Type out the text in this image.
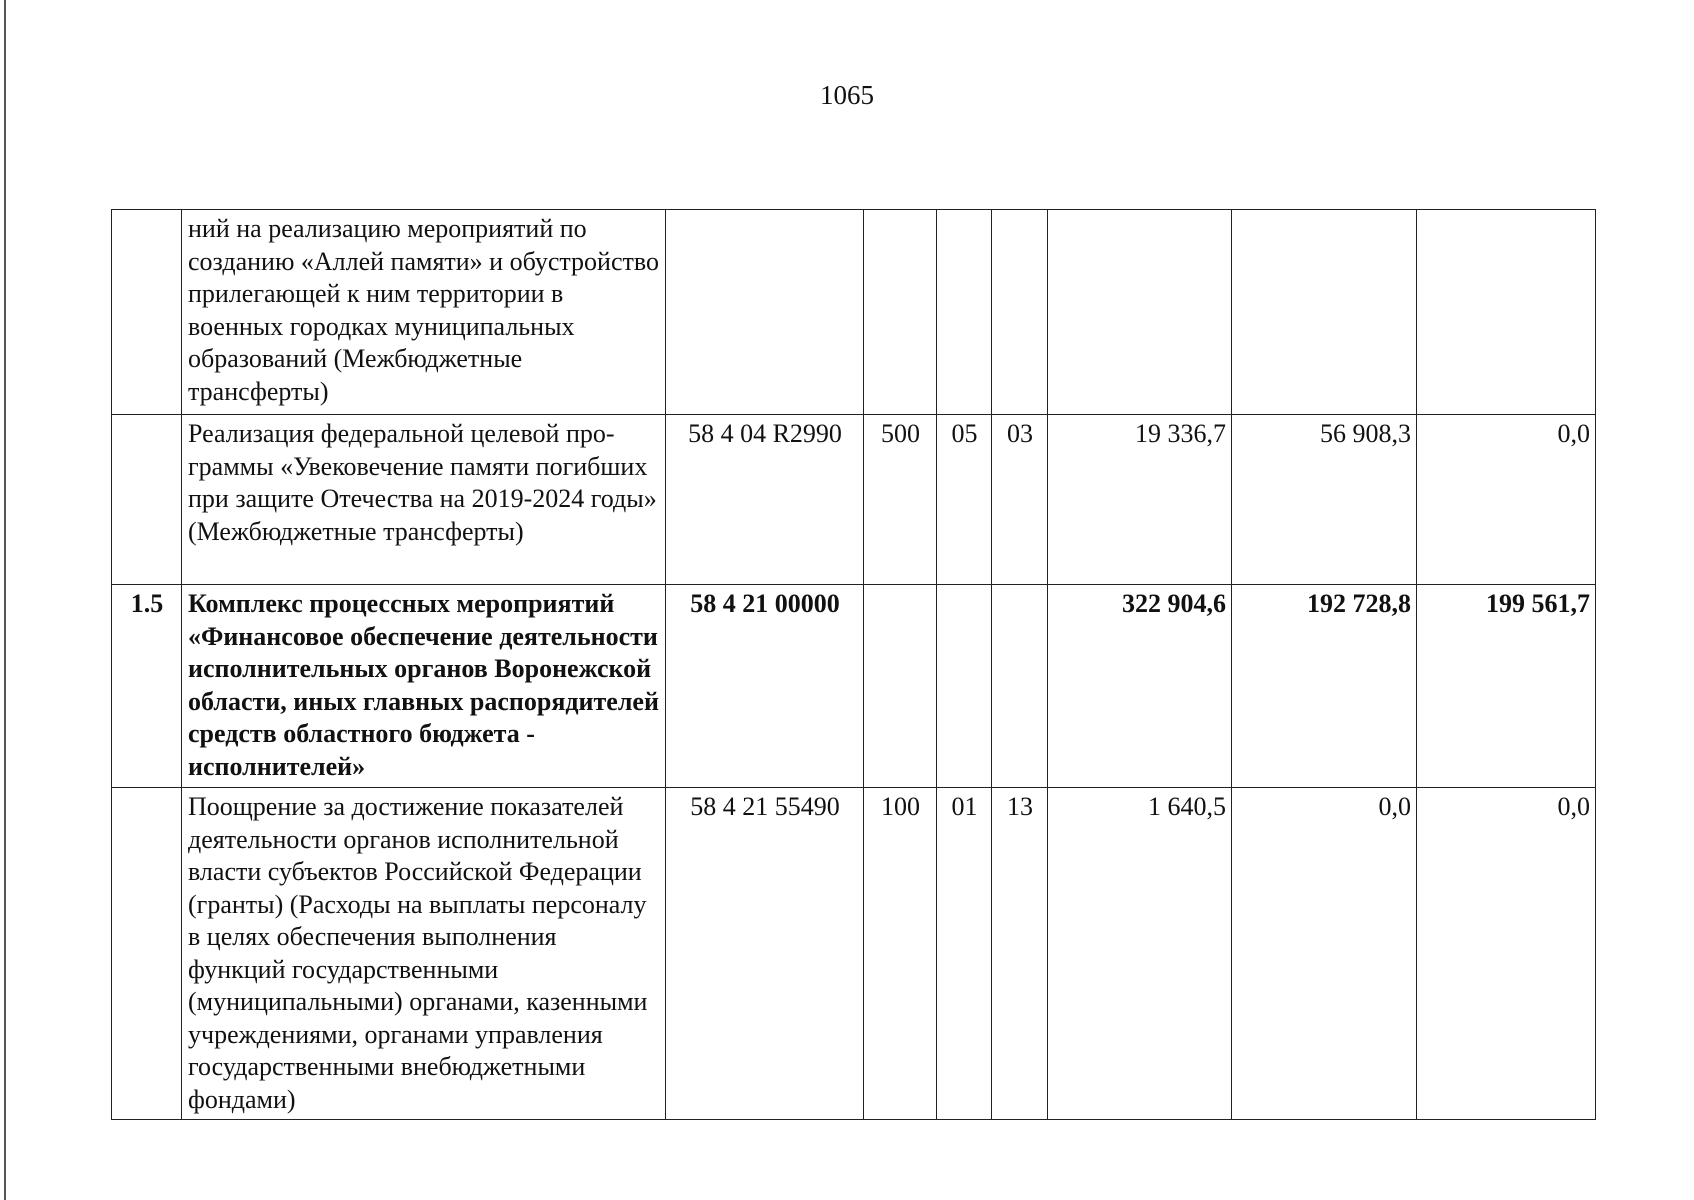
1065
	ний на реализацию мероприятий по созданию «Аллей памяти» и обустройство прилегающей к ним территории в военных городках муниципальных образований (Межбюджетные трансферты)							
	Реализация федеральной целевой программы «Увековечение памяти погибших при защите Отечества на 2019-2024 годы» (Межбюджетные трансферты)	58 4 04 R2990	500	05	03	19 336,7	56 908,3	0,0
1.5	Комплекс процессных мероприятий «Финансовое обеспечение деятельности исполнительных органов Воронежской области, иных главных распорядителей средств областного бюджета - исполнителей»	58 4 21 00000				322 904,6	192 728,8	199 561,7
	Поощрение за достижение показателей деятельности органов исполнительной власти субъектов Российской Федерации (гранты) (Расходы на выплаты персоналу в целях обеспечения выполнения функций государственными (муниципальными) органами, казенными учреждениями, органами управления государственными внебюджетными фондами)	58 4 21 55490	100	01	13	1 640,5	0,0	0,0
